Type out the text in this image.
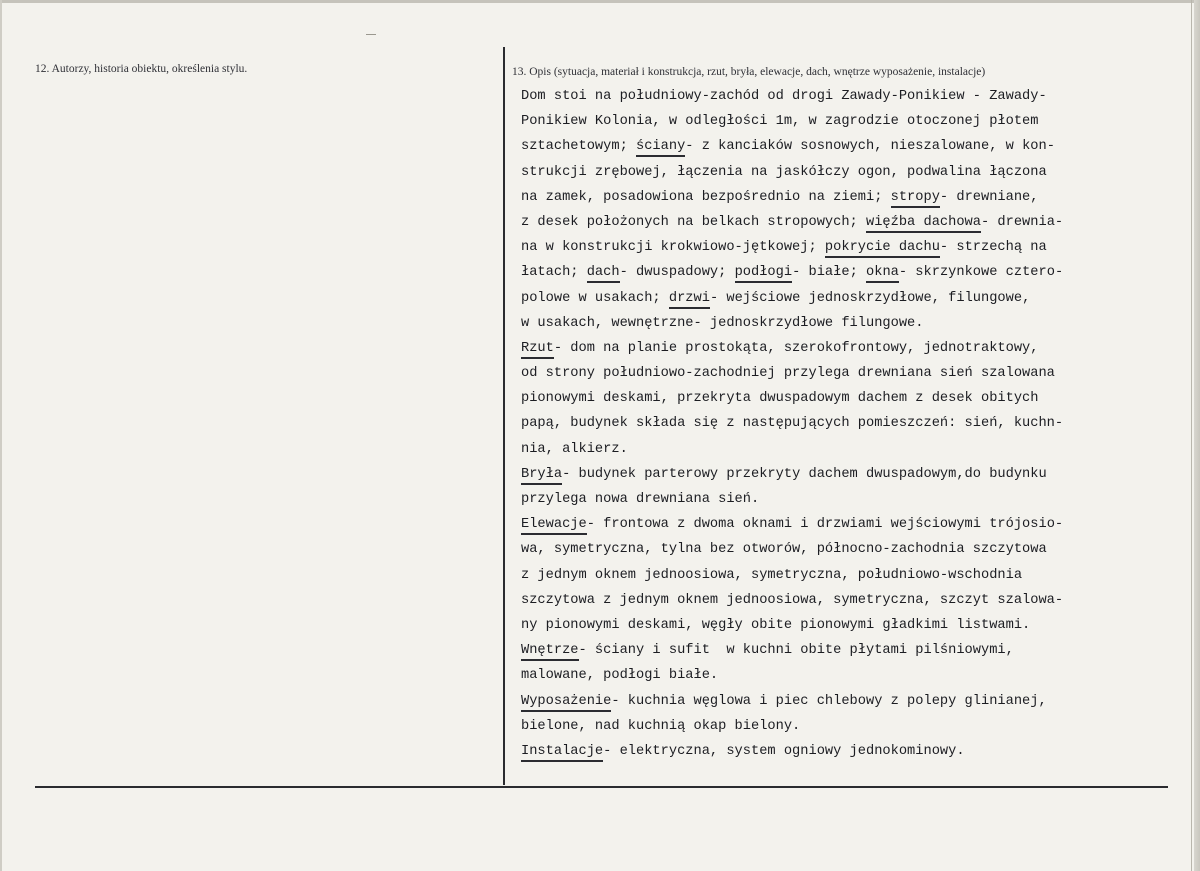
12. Autorzy, historia obiektu, określenia stylu.	13. Opis (sytuacja, materiał i konstrukcja, rzut, bryła, elewacje, dach, wnętrze wyposażenie, instalacje)
Dom stoi na południowy-zachód od drogi Zawady-Ponikiew - Zawady-
Ponikiew Kolonia, w odległości 1m, w zagrodzie otoczonej płotem
sztachetowym; ściany- z kanciaków sosnowych, nieszalowane, w kon-
strukcji zrębowej, łączenia na jaskółczy ogon, podwalina łączona
na zamek, posadowiona bezpośrednio na ziemi; stropy- drewniane,
z desek położonych na belkach stropowych; więźba dachowa- drewnia-
na w konstrukcji krokwiowo-jętkowej; pokrycie dachu- strzechą na
łatach; dach- dwuspadowy; podłogi- białe; okna- skrzynkowe cztero-
polowe w usakach; drzwi- wejściowe jednoskrzydłowe, filungowe,
w usakach, wewnętrzne- jednoskrzydłowe filungowe.
Rzut- dom na planie prostokąta, szerokofrontowy, jednotraktowy,
od strony południowo-zachodniej przylega drewniana sień szalowana
pionowymi deskami, przekryta dwuspadowym dachem z desek obitych
papą, budynek składa się z następujących pomieszczeń: sień, kuchn-
nia, alkierz.
Bryła- budynek parterowy przekryty dachem dwuspadowym,do budynku
przylega nowa drewniana sień.
Elewacje- frontowa z dwoma oknami i drzwiami wejściowymi trójosio-
wa, symetryczna, tylna bez otworów, północno-zachodnia szczytowa
z jednym oknem jednoosiowa, symetryczna, południowo-wschodnia
szczytowa z jednym oknem jednoosiowa, symetryczna, szczyt szalowa-
ny pionowymi deskami, węgły obite pionowymi gładkimi listwami.
Wnętrze- ściany i sufit  w kuchni obite płytami pilśniowymi,
malowane, podłogi białe.
Wyposażenie- kuchnia węglowa i piec chlebowy z polepy glinianej,
bielone, nad kuchnią okap bielony.
Instalacje- elektryczna, system ogniowy jednokominowy.
